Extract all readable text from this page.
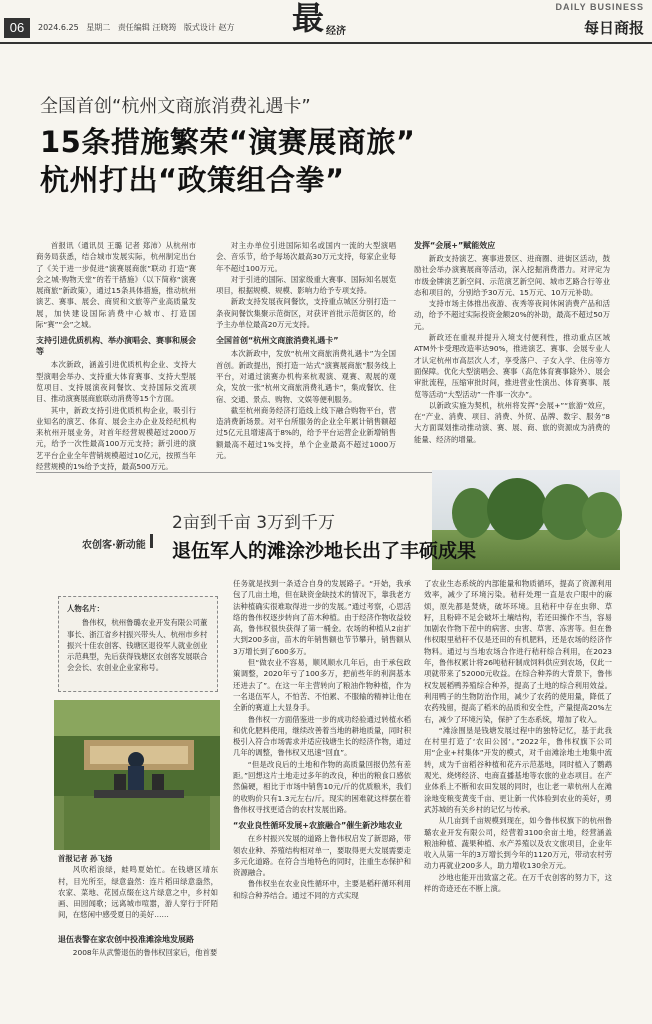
06	2024.6.25 星期二 责任编辑 汪晓筠 版式设计 赵方 最 经济
DAILY BUSINESS
每日商报
全国首创“杭州文商旅消费礼遇卡”
15条措施繁荣“演赛展商旅”
杭州打出“政策组合拳”

首报讯（通讯员 王璐 记者 郑沛）从杭州市商务局获悉，结合城市发展实际，杭州制定出台了《关于进一步促进“演赛展商旅”联动 打造“赛会之城·购物天堂”的若干措施》（以下简称“演赛展商旅”新政策），通过15条具体措施，推动杭州演艺、赛事、展会、商贸和文旅等产业高质量发展，加快建设国际消费中心城市、打造国际“赛”“会”之城。

支持引进优质机构、举办演唱会、赛事和展会等

本次新政，涵盖引进优质机构企业、支持大型演唱会举办、支持重大体育赛事、支持大型展览项目、支持展演夜间餐饮、支持国际交流项目、推动演赛展商旅联动消费等15个方面。

其中，新政支持引进优质机构企业，吸引行业知名的演艺、体育、展会主办企业及经纪机构来杭州开展业务，对首年经营规模超过2000万元，给予一次性最高100万元支持；新引进的演艺平台企业全年营销规模超过10亿元，按照当年经营规模的1%给予支持，最高500万元。

对主办单位引进国际知名或国内一流的大型演唱会、音乐节，给予每场次最高30万元支持，每家企业每年不超过100万元。

对于引进的国际、国家级重大赛事、国际知名展览项目，根据规模、规模、影响力给予专项支持。

新政支持发展夜间餐饮，支持重点城区分别打造一条夜间餐饮集聚示范街区，对获评首批示范街区的，给予主办单位最高20万元支持。

全国首创“杭州文商旅消费礼遇卡”

本次新政中，发放“杭州文商旅消费礼遇卡”为全国首创。新政提出，预打造一站式“演赛展商旅”服务线上平台，对通过演赛办机构来杭观演、观赛、观展的观众，发放一张“杭州文商旅消费礼遇卡”，集成餐饮、住宿、交通、景点、购物、文娱等便利服务。

截至杭州商务经济打造线上线下融合购物平台，营造消费新场景。对平台所服务的企业全年累计销售额超过5亿元且增速高于8%的，给予平台运营企业新增销售额最高不超过1%支持，单个企业最高不超过1000万元。

发挥“会展+”赋能效应

新政支持演艺、赛事进景区、进商圈、进街区活动，鼓励社会举办演赛展商等活动，深入挖掘消费潜力。对评定为市级金牌演艺新空间、示范演艺新空间、城市艺路合行等业态和项目的，分别给予30万元、15万元、10万元补助。

支持市场主体推出夜游、夜秀等夜间休闲消费产品和活动，给予不超过实际投资金额20%的补助，最高不超过50万元。

新政还在重视并提升入境支付便利性，推动重点区域ATM外卡受理改造率达90%，推进演艺、赛事、会展专业人才认定杭州市高层次人才，享受落户、子女入学、住房等方面保障。优化大型演唱会、赛事（高危体育赛事除外）、展会审批流程，压缩审批时间，推进营业性演出、体育赛事、展览等活动“大型活动”一件事一次办”。

以新政实施为契机，杭州将发挥“会展+”“旅游”效应，在“产业、消费、项目、消费、外贸、品牌、数字、服务”8大方面谋划推动推动演、赛、展、商、旅的资源成为消费的能量、经济的增量。

农创客·新动能
2亩到千亩 3万到千万
退伍军人的滩涂沙地长出了丰硕成果
人物名片：

鲁伟权，杭州鲁璐农业开发有限公司董事长、浙江省乡村振兴带头人、杭州市乡村振兴十佳农创客、钱塘区退役军人就业创业示范典型，先后获得钱塘区农创客发展联合会会长、农创业企业家称号。

首报记者 孙飞扬

风吹稻浪绿，蛙鸣夏始忙。在钱塘区靖东村，目光所至，绿意盎然：连片稻田绿意盎然，农家、菜地、花园点缀在这片绿意之中，乡村如画、田园闻歌；远离城市喧嚣，游人穿行于阡陌间，在悠闲中感受夏日的美好……

退伍表警在家农创中投准滩涂地发展路

2008年从武警退伍的鲁伟权回家后，他首要

任务就是找到一条适合自身的发展路子。“开始，我承包了几亩土地，但在缺资金缺技术的情况下，靠我老方法种植确实很难取得进一步的发展。”通过考察，心思活络的鲁伟权逐步转向了苗木种植。由于经济作物收益较高，鲁伟权很快获得了第一桶金。农场的种植从2亩扩大到200多亩，苗木的年销售额也节节攀升，销售额从3万增长到了600多万。

但“做农业不容易，顺风顺水几年后，由于承包政策调整，2020年亏了100多万，把前些年的利润基本还进去了”。在这一年主营转向了粮油作物种植，作为一名退伍军人，不怕苦、不怕累、不服输的精神让他在全新的赛道上大显身手。

鲁伟权一方面借鉴进一步的成功经验通过转植水稻和优化肥料使用，继续改善着当地的耕地质量，同时积极引入符合市场需求并适应钱塘生长的经济作物，通过几年的调整，鲁伟权又迅速“回血”。

“但是改良后的土地和作物的高质量回报仍然有差距。”回想这片土地走过多年的改良，种出的粮食口感依然偏硬，相比于市场中销售10元/斤的优质粮米，我们的收购价只有1.3元左右/斤。现实的困难就这样摆在着鲁伟权寻找更适合的农村发展出路。

“农业良性循环发展+农旅融合”催生新沙地农业

在乡村振兴发展的道路上鲁伟权启发了新思路，带领农业种、养殖结构相对单一，要取得更大发展需要走多元化道路。在符合当地特色的同时，注重生态保护和资源融合。

鲁伟权坐在农业良性循环中，主要是稻秆循环利用和综合种养结合。通过不同的方式实现

了农业生态系统的内部能量和物质循环，提高了资源利用效率，减少了环境污染。秸秆处理一直是农户眼中的麻烦，原先都是焚烧，破坏环境。且秸秆中存在虫卵、草籽，且粉碎不足会破坏土壤结构，若还田操作不当，容易加剧农作物下茬中的病害、虫害、草害、冻害等。但在鲁伟权眼里秸秆不仅是还田的有机肥料，还是农场的经济作物料。通过与当地农场合作进行秸秆综合利用，在2023年，鲁伟权累计将26吨秸秆制成饲料供应到农场，仅此一项就带来了52000元收益。在综合种养的大背景下，鲁伟权发展稻鸭养殖综合种养，提高了土地的综合利用效益。利用鸭子的生物防治作用，减少了农药的使用量，降低了农药残留，提高了稻米的品质和安全性，产量提高20%左右，减少了环境污染，保护了生态系统，增加了收入。

“滩涂围垦是钱塘发展过程中的独特记忆，基于此我在村里打造了‘农田公园’。”2022年，鲁伟权旗下公司用“企业+村集体”开发的模式，对千亩滩涂地土地集中流转，成为千亩稻谷种植和花卉示范基地，同时植入了鹦鹉观光、烧烤经济、电商直播基地等农旅的业态项目。在产业体系上不断和农田发展的同时，也让老一辈杭州人在滩涂地变粮变黄变千亩、更让新一代体验到农业的美好，勇武苏城的有关乡村的记忆与传承。

从几亩到千亩规模到现在，如今鲁伟权旗下的杭州鲁璐农业开发有限公司，经营着3100余亩土地，经营涵盖粮油种植、蔬果种植、水产养殖以及农文旅项目，企业年收入从第一年的3万增长到今年的1120万元，带动农村劳动力再就业200多人，助力增收130余万元。

沙地也能开出致富之花。在万千农创客的努力下，这样的奇迹还在不断上演。
